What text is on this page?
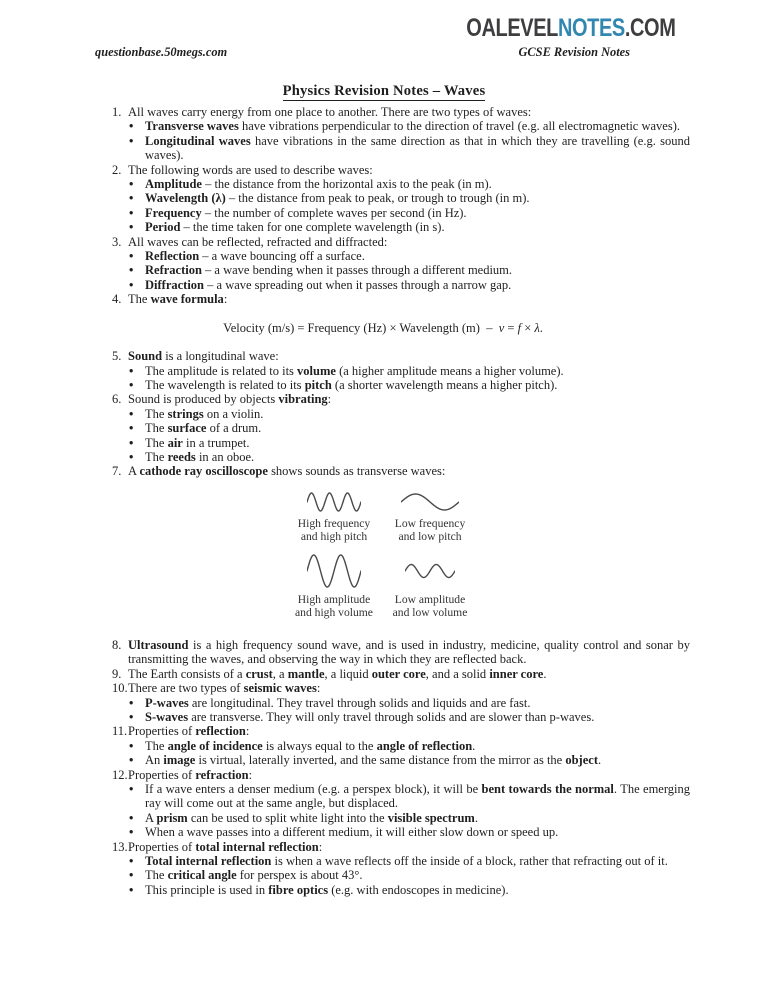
OALEVELNOTES.COM
questionbase.50megs.com	GCSE Revision Notes
Physics Revision Notes – Waves
1. All waves carry energy from one place to another. There are two types of waves:
• Transverse waves have vibrations perpendicular to the direction of travel (e.g. all electromagnetic waves).
• Longitudinal waves have vibrations in the same direction as that in which they are travelling (e.g. sound waves).
2. The following words are used to describe waves:
• Amplitude – the distance from the horizontal axis to the peak (in m).
• Wavelength (λ) – the distance from peak to peak, or trough to trough (in m).
• Frequency – the number of complete waves per second (in Hz).
• Period – the time taken for one complete wavelength (in s).
3. All waves can be reflected, refracted and diffracted:
• Reflection – a wave bouncing off a surface.
• Refraction – a wave bending when it passes through a different medium.
• Diffraction – a wave spreading out when it passes through a narrow gap.
4. The wave formula:
Velocity (m/s) = Frequency (Hz) × Wavelength (m) – v = f × λ.
5. Sound is a longitudinal wave:
• The amplitude is related to its volume (a higher amplitude means a higher volume).
• The wavelength is related to its pitch (a shorter wavelength means a higher pitch).
6. Sound is produced by objects vibrating:
• The strings on a violin.
• The surface of a drum.
• The air in a trumpet.
• The reeds in an oboe.
7. A cathode ray oscilloscope shows sounds as transverse waves:
High frequency
and high pitch
Low frequency
and low pitch
High amplitude
and high volume
Low amplitude
and low volume
8. Ultrasound is a high frequency sound wave, and is used in industry, medicine, quality control and sonar by transmitting the waves, and observing the way in which they are reflected back.
9. The Earth consists of a crust, a mantle, a liquid outer core, and a solid inner core.
10. There are two types of seismic waves:
• P-waves are longitudinal. They travel through solids and liquids and are fast.
• S-waves are transverse. They will only travel through solids and are slower than p-waves.
11. Properties of reflection:
• The angle of incidence is always equal to the angle of reflection.
• An image is virtual, laterally inverted, and the same distance from the mirror as the object.
12. Properties of refraction:
• If a wave enters a denser medium (e.g. a perspex block), it will be bent towards the normal. The emerging ray will come out at the same angle, but displaced.
• A prism can be used to split white light into the visible spectrum.
• When a wave passes into a different medium, it will either slow down or speed up.
13. Properties of total internal reflection:
• Total internal reflection is when a wave reflects off the inside of a block, rather that refracting out of it.
• The critical angle for perspex is about 43°.
• This principle is used in fibre optics (e.g. with endoscopes in medicine).
